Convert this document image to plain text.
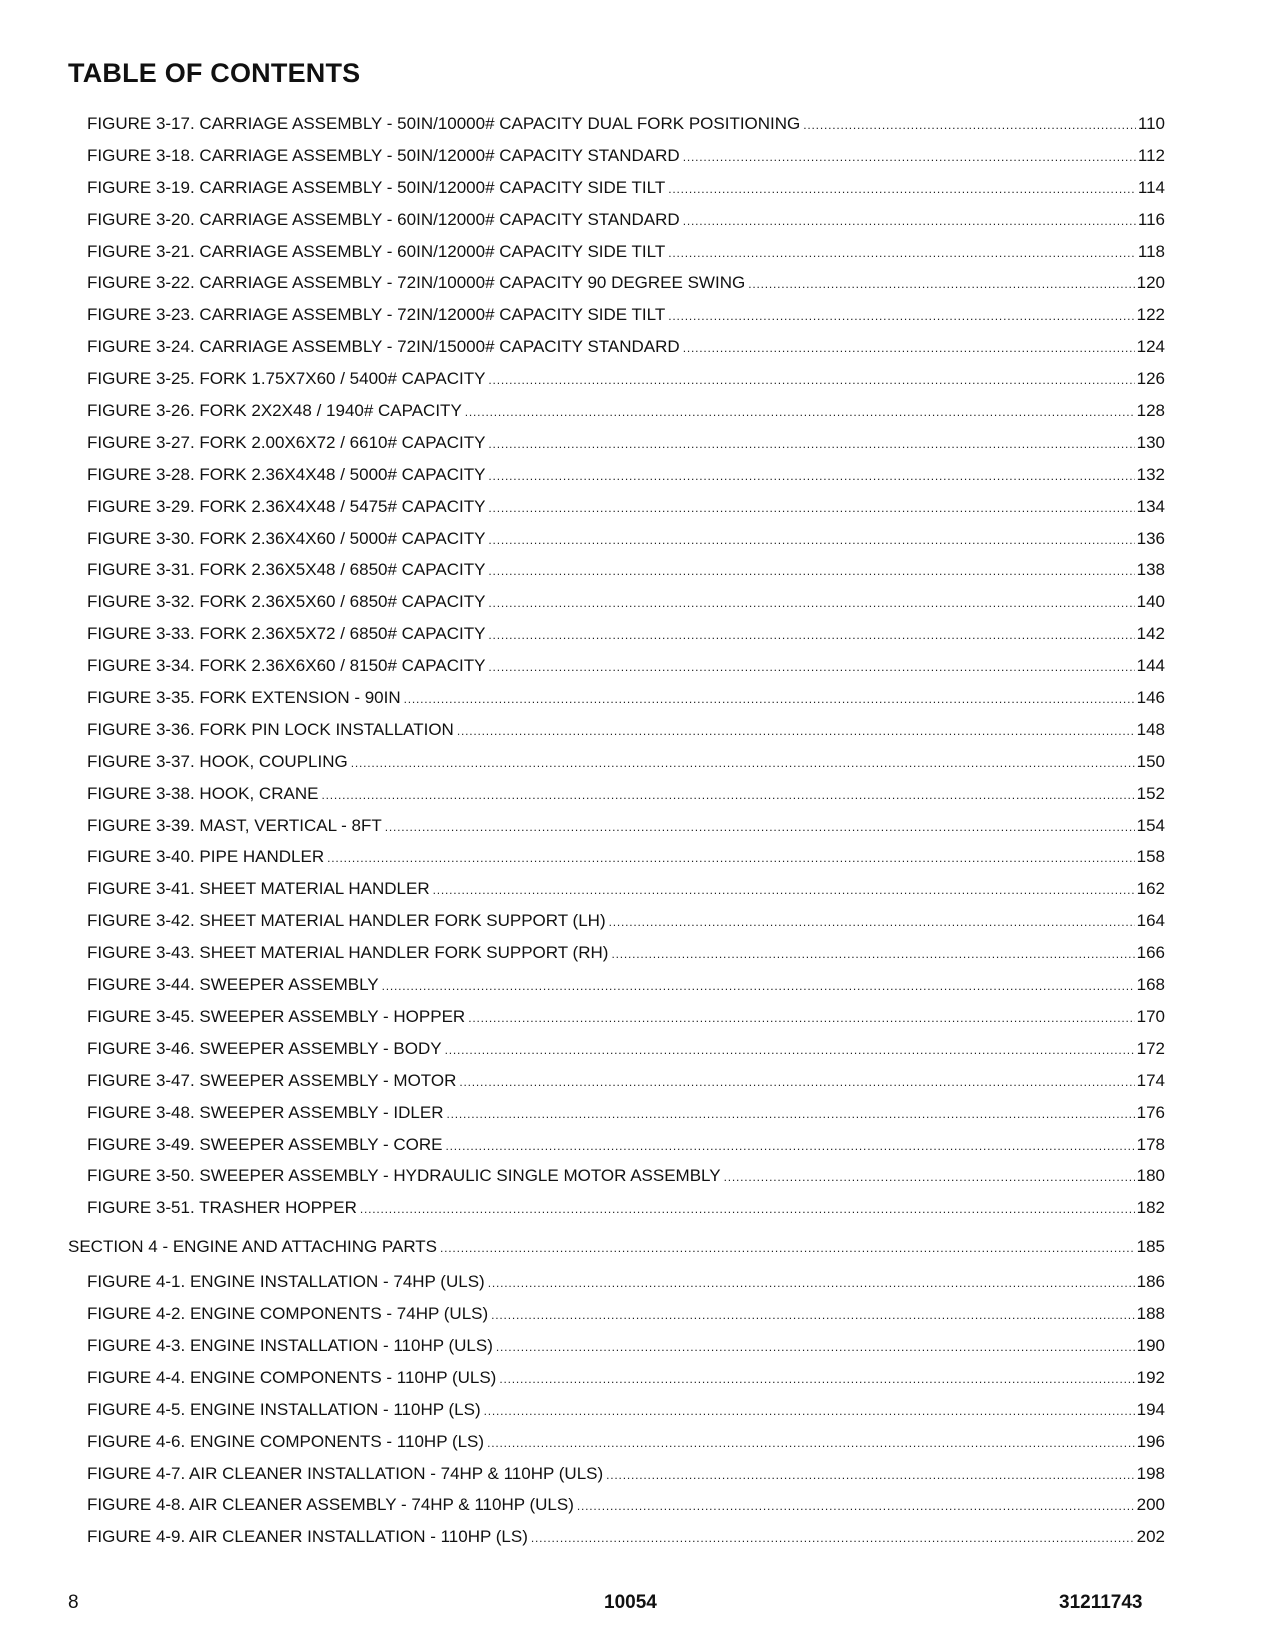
TABLE OF CONTENTS
FIGURE 3-17. CARRIAGE ASSEMBLY - 50IN/10000# CAPACITY DUAL FORK POSITIONING .....	110
FIGURE 3-18. CARRIAGE ASSEMBLY - 50IN/12000# CAPACITY STANDARD .....	112
FIGURE 3-19. CARRIAGE ASSEMBLY - 50IN/12000# CAPACITY SIDE TILT .....	114
FIGURE 3-20. CARRIAGE ASSEMBLY - 60IN/12000# CAPACITY STANDARD .....	116
FIGURE 3-21. CARRIAGE ASSEMBLY - 60IN/12000# CAPACITY SIDE TILT .....	118
FIGURE 3-22. CARRIAGE ASSEMBLY - 72IN/10000# CAPACITY 90 DEGREE SWING .....	120
FIGURE 3-23. CARRIAGE ASSEMBLY - 72IN/12000# CAPACITY SIDE TILT .....	122
FIGURE 3-24. CARRIAGE ASSEMBLY - 72IN/15000# CAPACITY STANDARD .....	124
FIGURE 3-25. FORK 1.75X7X60 / 5400# CAPACITY .....	126
FIGURE 3-26. FORK 2X2X48 / 1940# CAPACITY .....	128
FIGURE 3-27. FORK 2.00X6X72 / 6610# CAPACITY .....	130
FIGURE 3-28. FORK 2.36X4X48 / 5000# CAPACITY .....	132
FIGURE 3-29. FORK 2.36X4X48 / 5475# CAPACITY .....	134
FIGURE 3-30. FORK 2.36X4X60 / 5000# CAPACITY .....	136
FIGURE 3-31. FORK 2.36X5X48 / 6850# CAPACITY .....	138
FIGURE 3-32. FORK 2.36X5X60 / 6850# CAPACITY .....	140
FIGURE 3-33. FORK 2.36X5X72 / 6850# CAPACITY .....	142
FIGURE 3-34. FORK 2.36X6X60 / 8150# CAPACITY .....	144
FIGURE 3-35. FORK EXTENSION - 90IN .....	146
FIGURE 3-36. FORK PIN LOCK INSTALLATION .....	148
FIGURE 3-37. HOOK, COUPLING .....	150
FIGURE 3-38. HOOK, CRANE .....	152
FIGURE 3-39. MAST, VERTICAL - 8FT .....	154
FIGURE 3-40. PIPE HANDLER .....	158
FIGURE 3-41. SHEET MATERIAL HANDLER .....	162
FIGURE 3-42. SHEET MATERIAL HANDLER FORK SUPPORT (LH) .....	164
FIGURE 3-43. SHEET MATERIAL HANDLER FORK SUPPORT (RH) .....	166
FIGURE 3-44. SWEEPER ASSEMBLY .....	168
FIGURE 3-45. SWEEPER ASSEMBLY - HOPPER .....	170
FIGURE 3-46. SWEEPER ASSEMBLY - BODY .....	172
FIGURE 3-47. SWEEPER ASSEMBLY - MOTOR .....	174
FIGURE 3-48. SWEEPER ASSEMBLY - IDLER .....	176
FIGURE 3-49. SWEEPER ASSEMBLY - CORE .....	178
FIGURE 3-50. SWEEPER ASSEMBLY - HYDRAULIC SINGLE MOTOR ASSEMBLY .....	180
FIGURE 3-51. TRASHER HOPPER .....	182
SECTION 4 - ENGINE AND ATTACHING PARTS .....	185
FIGURE 4-1. ENGINE INSTALLATION - 74HP (ULS) .....	186
FIGURE 4-2. ENGINE COMPONENTS - 74HP (ULS) .....	188
FIGURE 4-3. ENGINE INSTALLATION - 110HP (ULS) .....	190
FIGURE 4-4. ENGINE COMPONENTS - 110HP (ULS) .....	192
FIGURE 4-5. ENGINE INSTALLATION - 110HP (LS) .....	194
FIGURE 4-6. ENGINE COMPONENTS - 110HP (LS) .....	196
FIGURE 4-7. AIR CLEANER INSTALLATION - 74HP & 110HP (ULS) .....	198
FIGURE 4-8. AIR CLEANER ASSEMBLY - 74HP & 110HP (ULS) .....	200
FIGURE 4-9. AIR CLEANER INSTALLATION - 110HP (LS) .....	202
8	10054	31211743
